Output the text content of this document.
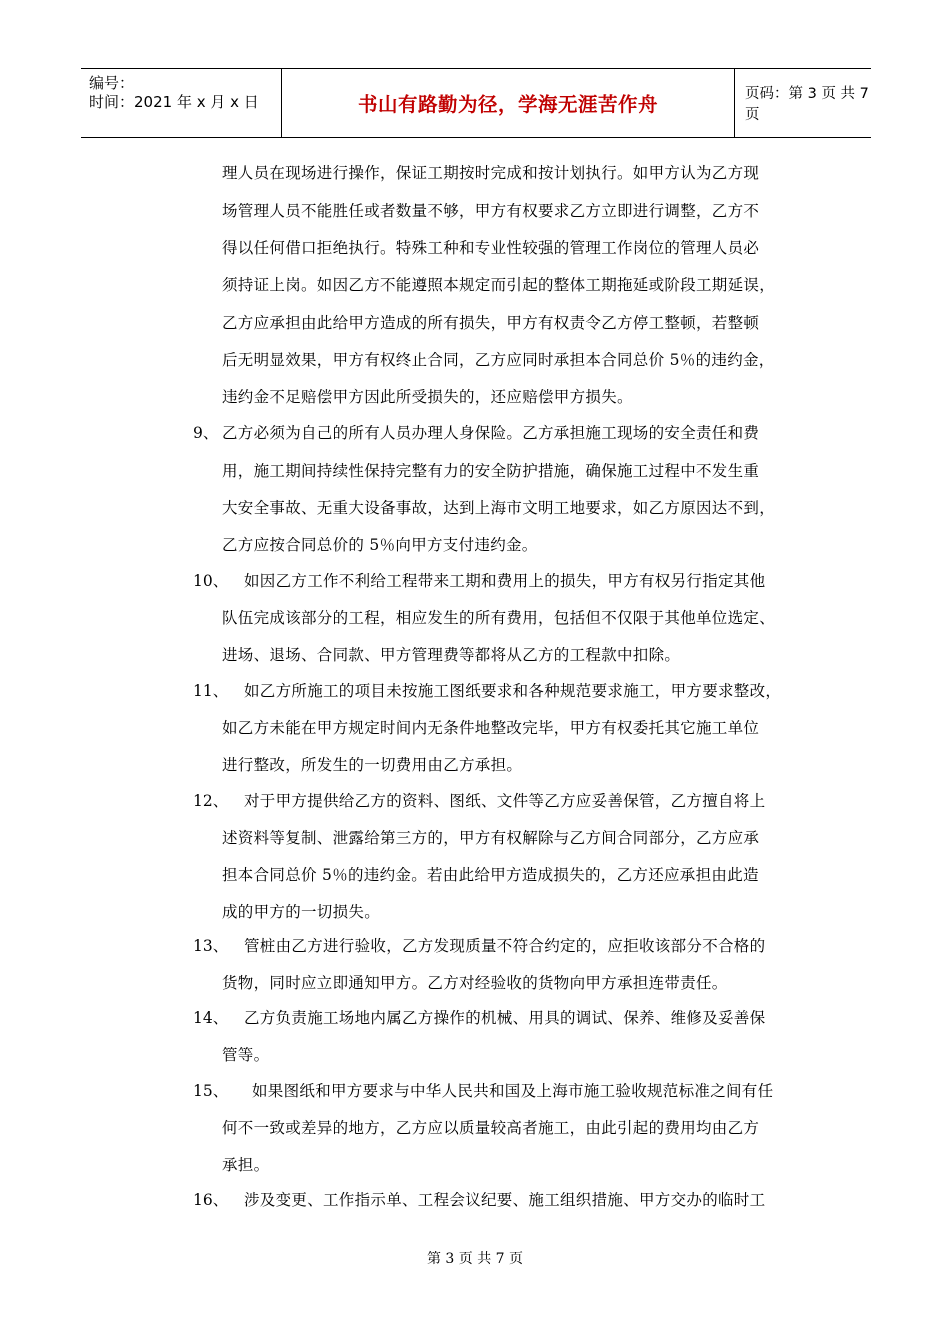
编号：
时间：2021 年 x 月 x 日	书山有路勤为径，学海无涯苦作舟	页码：第 3 页 共 7 页
理人员在现场进行操作，保证工期按时完成和按计划执行。如甲方认为乙方现
场管理人员不能胜任或者数量不够，甲方有权要求乙方立即进行调整，乙方不
得以任何借口拒绝执行。特殊工种和专业性较强的管理工作岗位的管理人员必
须持证上岗。如因乙方不能遵照本规定而引起的整体工期拖延或阶段工期延误，
乙方应承担由此给甲方造成的所有损失，甲方有权责令乙方停工整顿，若整顿
后无明显效果，甲方有权终止合同，乙方应同时承担本合同总价 5％的违约金，
违约金不足赔偿甲方因此所受损失的，还应赔偿甲方损失。
9、 乙方必须为自己的所有人员办理人身保险。乙方承担施工现场的安全责任和费
用，施工期间持续性保持完整有力的安全防护措施，确保施工过程中不发生重
大安全事故、无重大设备事故，达到上海市文明工地要求，如乙方原因达不到，
乙方应按合同总价的 5％向甲方支付违约金。
10、 如因乙方工作不利给工程带来工期和费用上的损失，甲方有权另行指定其他
队伍完成该部分的工程，相应发生的所有费用，包括但不仅限于其他单位选定、
进场、退场、合同款、甲方管理费等都将从乙方的工程款中扣除。
11、 如乙方所施工的项目未按施工图纸要求和各种规范要求施工，甲方要求整改，
如乙方未能在甲方规定时间内无条件地整改完毕，甲方有权委托其它施工单位
进行整改，所发生的一切费用由乙方承担。
12、 对于甲方提供给乙方的资料、图纸、文件等乙方应妥善保管，乙方擅自将上
述资料等复制、泄露给第三方的，甲方有权解除与乙方间合同部分，乙方应承
担本合同总价 5％的违约金。若由此给甲方造成损失的，乙方还应承担由此造
成的甲方的一切损失。
13、 管桩由乙方进行验收，乙方发现质量不符合约定的，应拒收该部分不合格的
货物，同时应立即通知甲方。乙方对经验收的货物向甲方承担连带责任。
14、 乙方负责施工场地内属乙方操作的机械、用具的调试、保养、维修及妥善保
管等。
15、 如果图纸和甲方要求与中华人民共和国及上海市施工验收规范标准之间有任
何不一致或差异的地方，乙方应以质量较高者施工，由此引起的费用均由乙方
承担。
16、 涉及变更、工作指示单、工程会议纪要、施工组织措施、甲方交办的临时工
第 3 页 共 7 页
